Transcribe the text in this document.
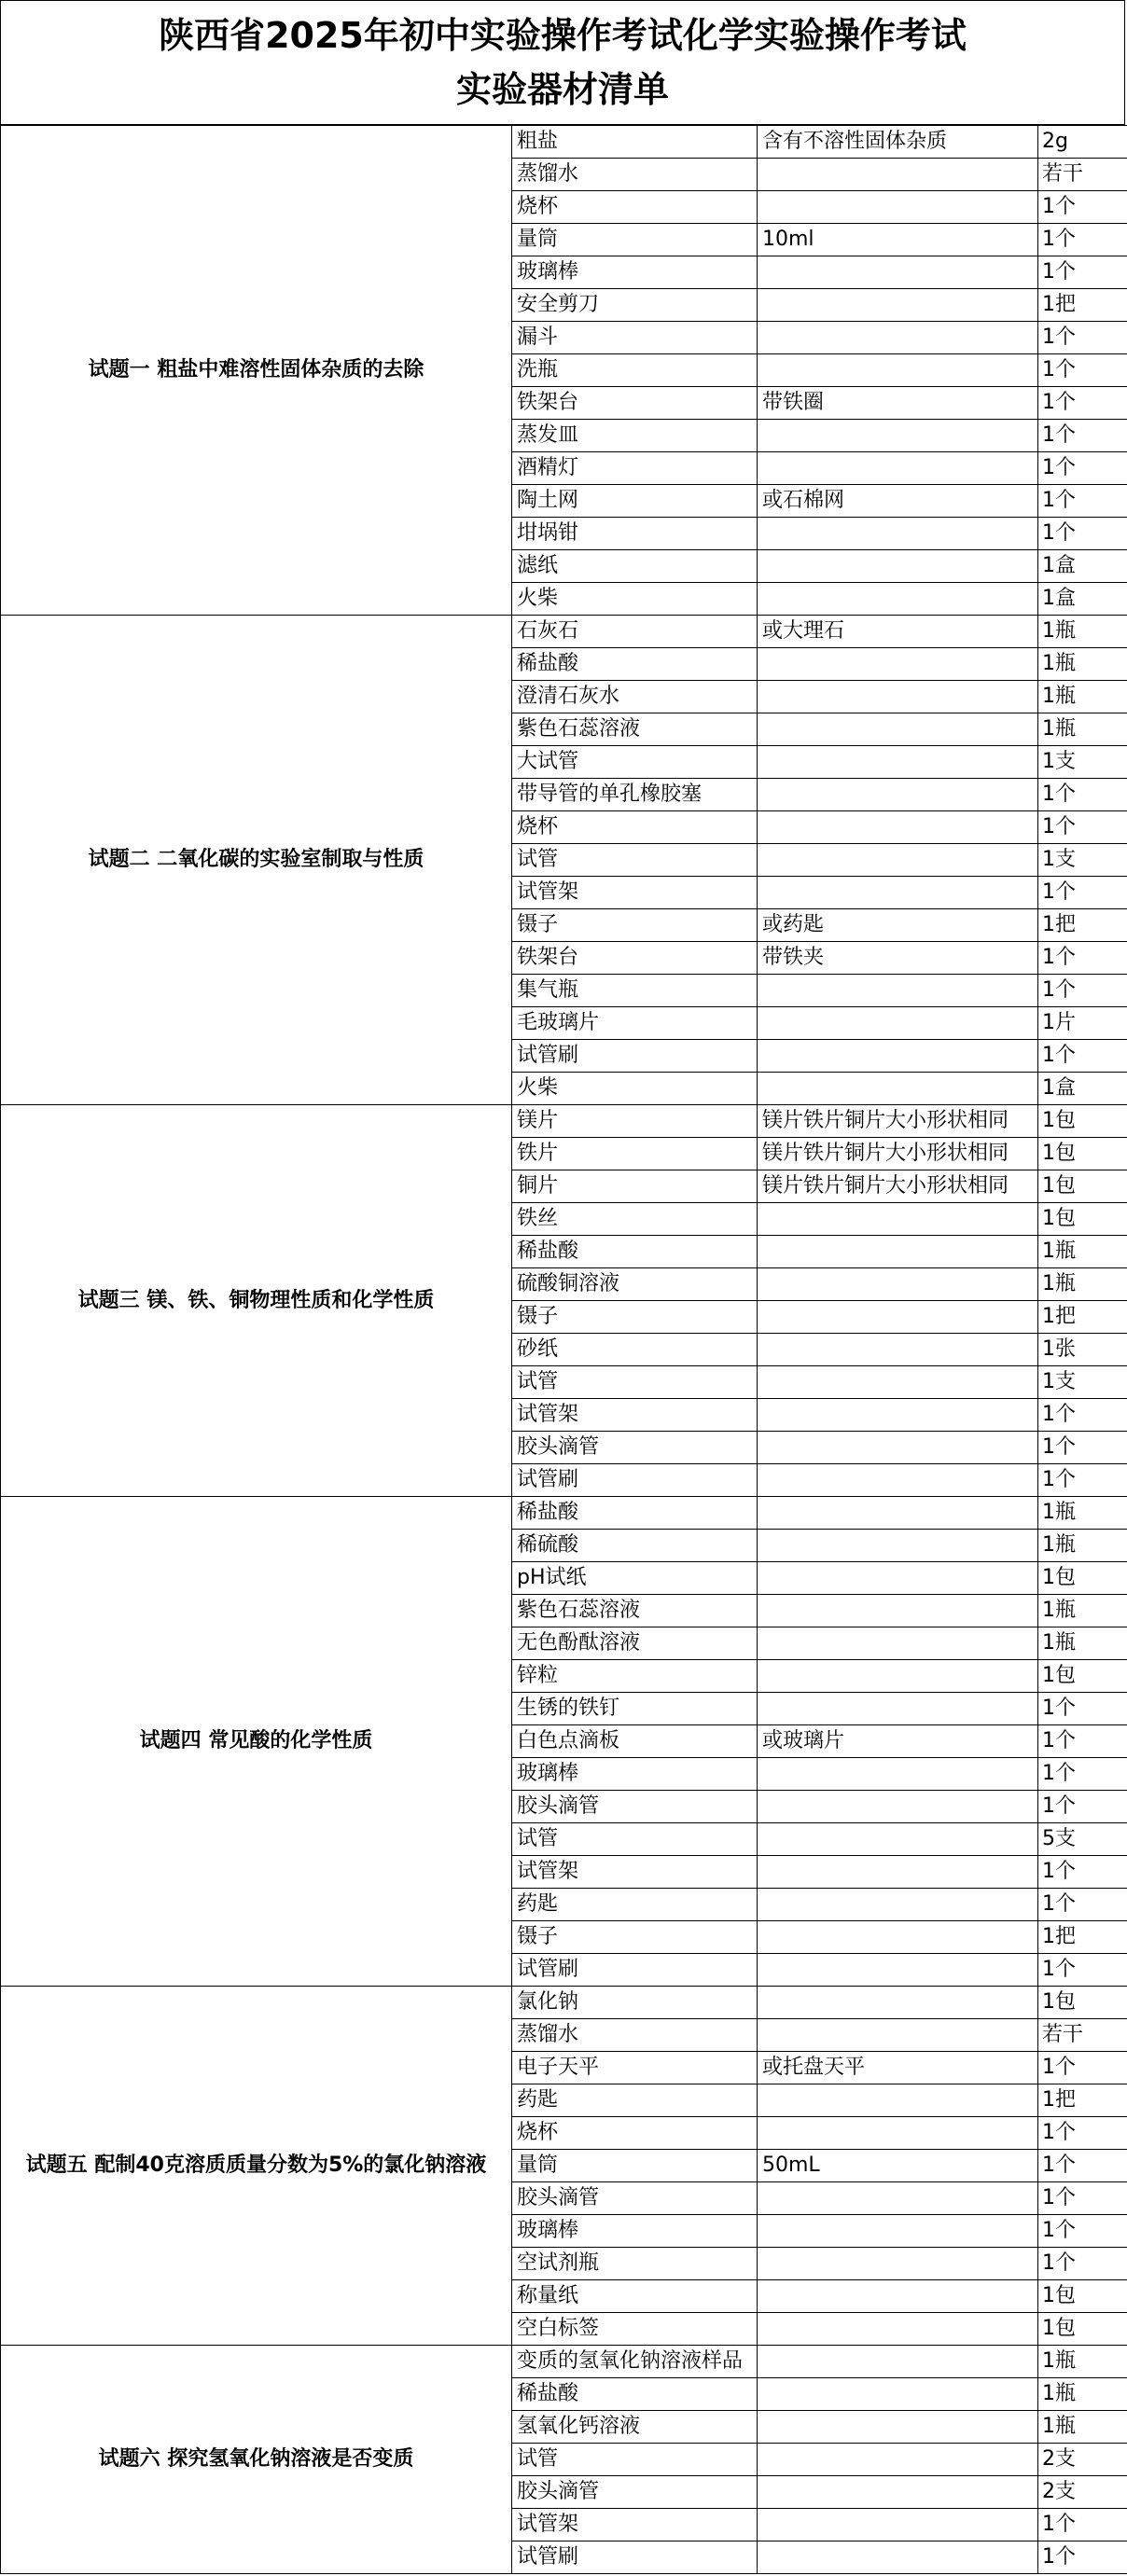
陕西省2025年初中实验操作考试化学实验操作考试
实验器材清单
试题一 粗盐中难溶性固体杂质的去除	粗盐	含有不溶性固体杂质	2g
	蒸馏水		若干
	烧杯		1个
	量筒	10ml	1个
	玻璃棒		1个
	安全剪刀		1把
	漏斗		1个
	洗瓶		1个
	铁架台	带铁圈	1个
	蒸发皿		1个
	酒精灯		1个
	陶土网	或石棉网	1个
	坩埚钳		1个
	滤纸		1盒
	火柴		1盒
试题二 二氧化碳的实验室制取与性质	石灰石	或大理石	1瓶
	稀盐酸		1瓶
	澄清石灰水		1瓶
	紫色石蕊溶液		1瓶
	大试管		1支
	带导管的单孔橡胶塞		1个
	烧杯		1个
	试管		1支
	试管架		1个
	镊子	或药匙	1把
	铁架台	带铁夹	1个
	集气瓶		1个
	毛玻璃片		1片
	试管刷		1个
	火柴		1盒
试题三 镁、铁、铜物理性质和化学性质	镁片	镁片铁片铜片大小形状相同	1包
	铁片	镁片铁片铜片大小形状相同	1包
	铜片	镁片铁片铜片大小形状相同	1包
	铁丝		1包
	稀盐酸		1瓶
	硫酸铜溶液		1瓶
	镊子		1把
	砂纸		1张
	试管		1支
	试管架		1个
	胶头滴管		1个
	试管刷		1个
试题四 常见酸的化学性质	稀盐酸		1瓶
	稀硫酸		1瓶
	pH试纸		1包
	紫色石蕊溶液		1瓶
	无色酚酞溶液		1瓶
	锌粒		1包
	生锈的铁钉		1个
	白色点滴板	或玻璃片	1个
	玻璃棒		1个
	胶头滴管		1个
	试管		5支
	试管架		1个
	药匙		1个
	镊子		1把
	试管刷		1个
试题五 配制40克溶质质量分数为5%的氯化钠溶液	氯化钠		1包
	蒸馏水		若干
	电子天平	或托盘天平	1个
	药匙		1把
	烧杯		1个
	量筒	50mL	1个
	胶头滴管		1个
	玻璃棒		1个
	空试剂瓶		1个
	称量纸		1包
	空白标签		1包
试题六 探究氢氧化钠溶液是否变质	变质的氢氧化钠溶液样品		1瓶
	稀盐酸		1瓶
	氢氧化钙溶液		1瓶
	试管		2支
	胶头滴管		2支
	试管架		1个
	试管刷		1个
